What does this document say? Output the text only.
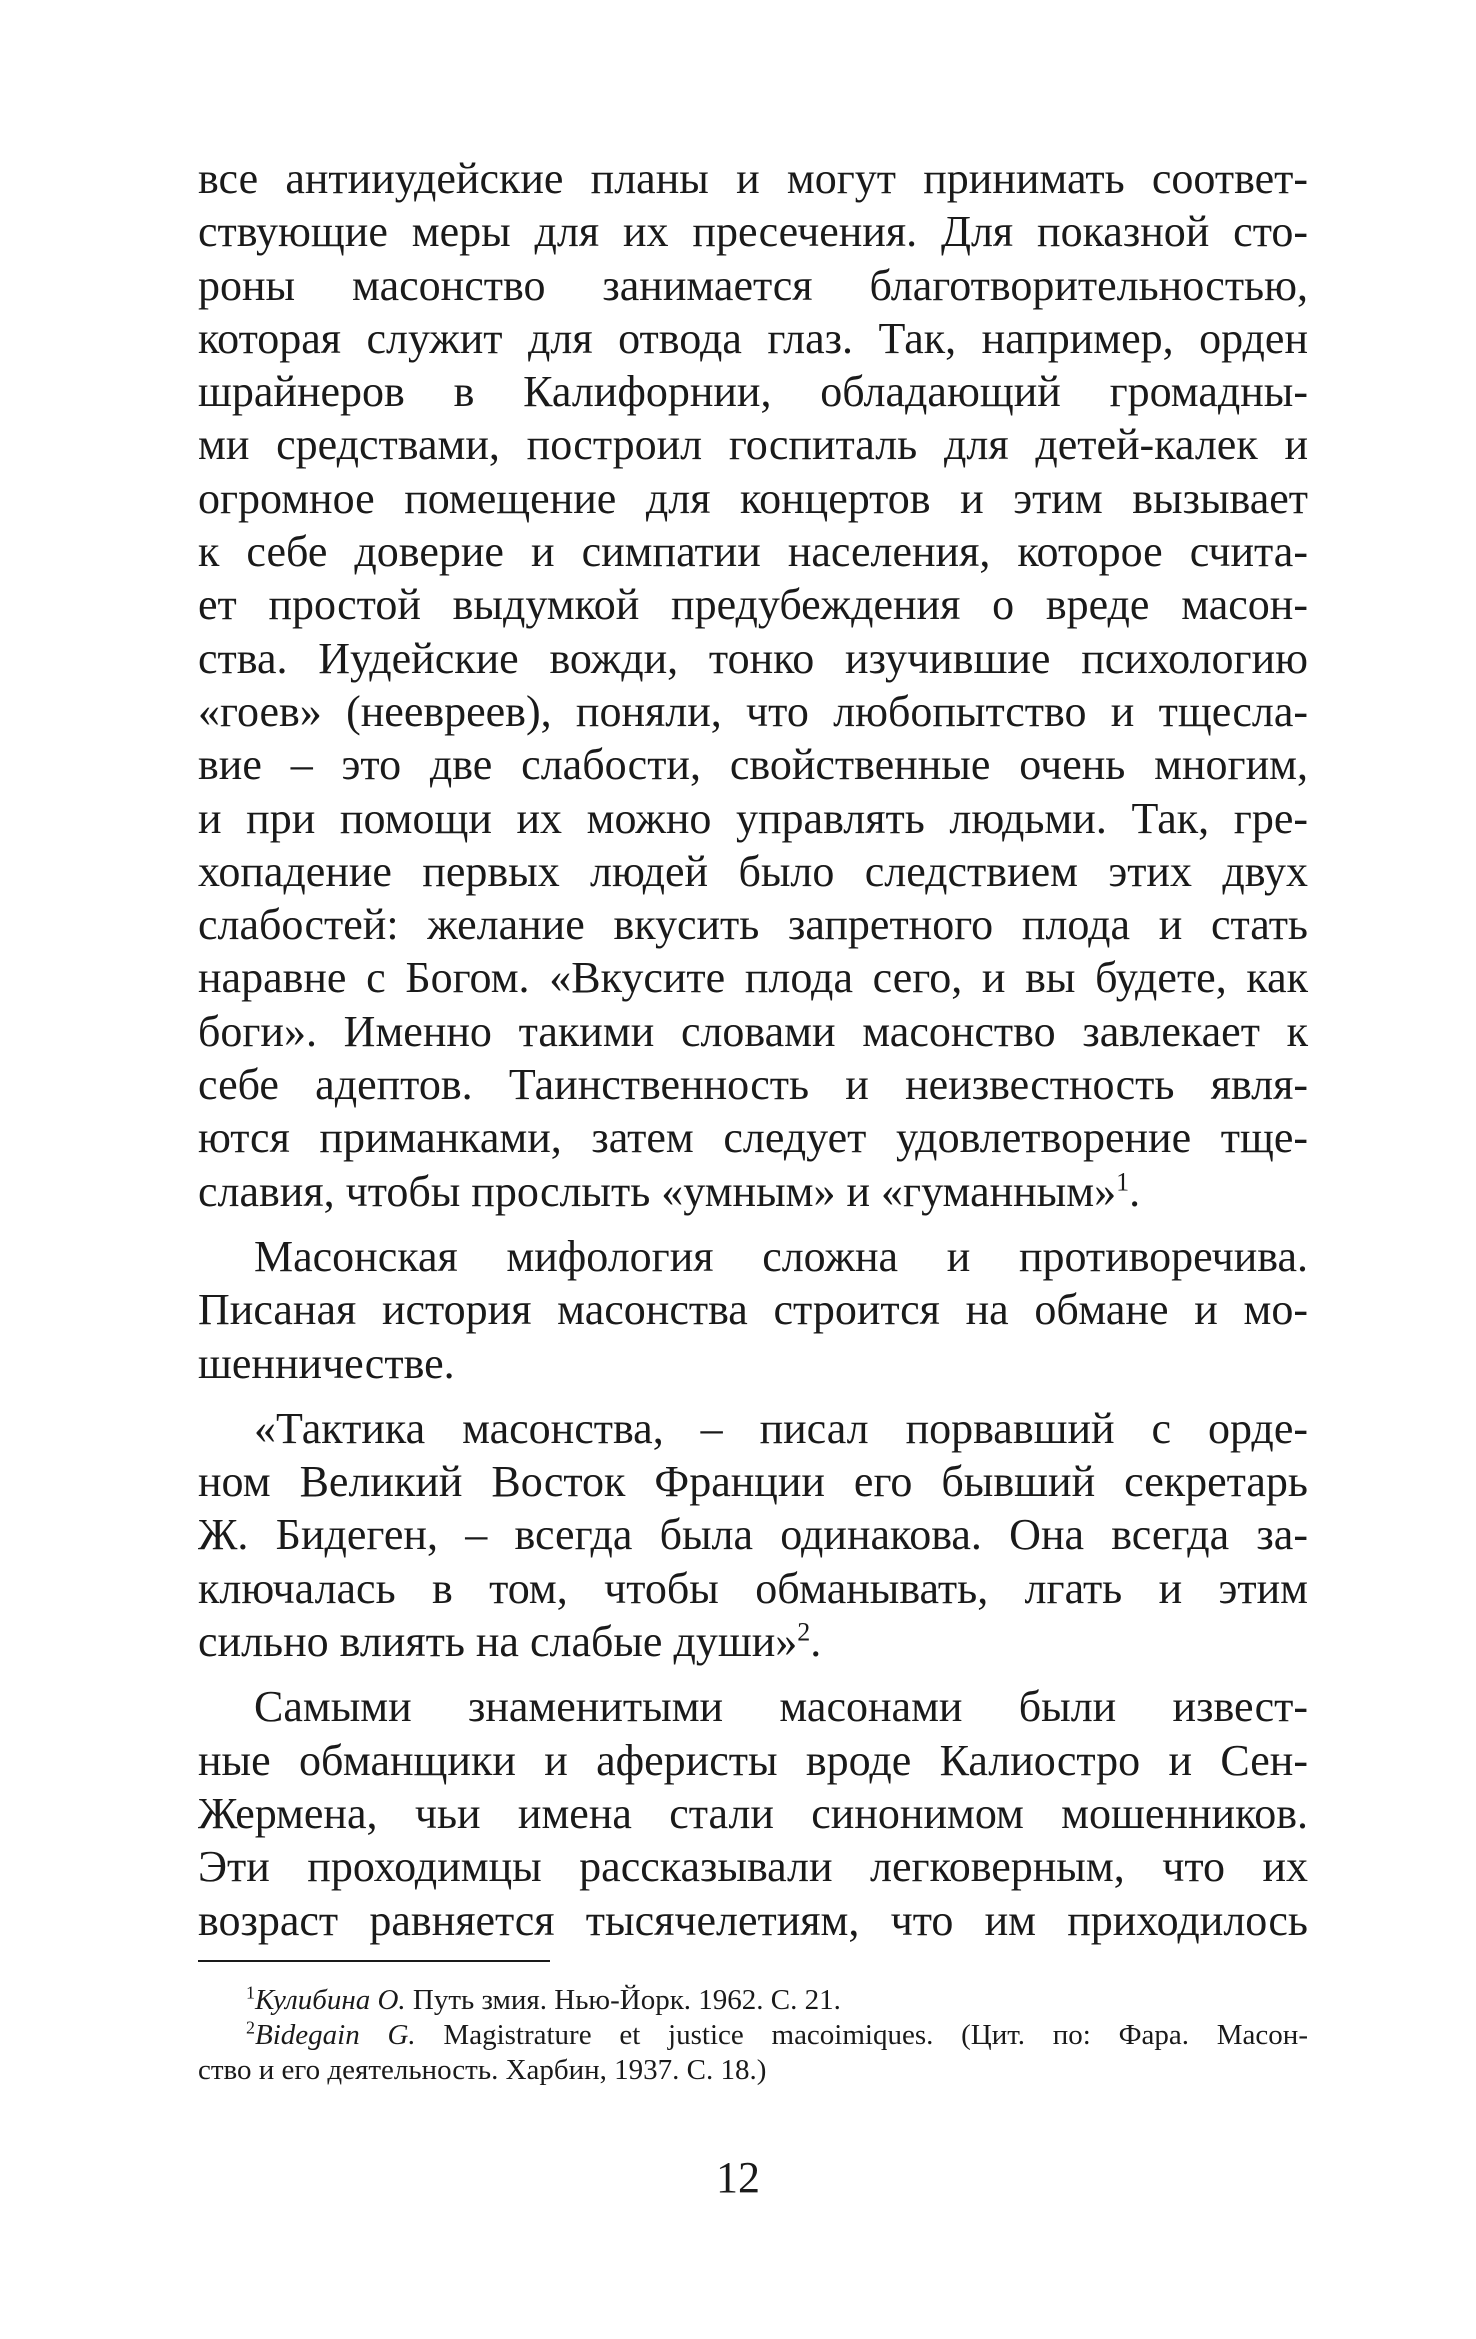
все антииудейские планы и могут принимать соответ-
ствующие меры для их пресечения. Для показной сто-
роны масонство занимается благотворительностью,
которая служит для отвода глаз. Так, например, орден
шрайнеров в Калифорнии, обладающий громадны-
ми средствами, построил госпиталь для детей-калек и
огромное помещение для концертов и этим вызывает
к себе доверие и симпатии населения, которое счита-
ет простой выдумкой предубеждения о вреде масон-
ства. Иудейские вожди, тонко изучившие психологию
«гоев» (неевреев), поняли, что любопытство и тщесла-
вие – это две слабости, свойственные очень многим,
и при помощи их можно управлять людьми. Так, гре-
хопадение первых людей было следствием этих двух
слабостей: желание вкусить запретного плода и стать
наравне с Богом. «Вкусите плода сего, и вы будете, как
боги». Именно такими словами масонство завлекает к
себе адептов. Таинственность и неизвестность явля-
ются приманками, затем следует удовлетворение тще-
славия, чтобы прослыть «умным» и «гуманным»$^1$.

Масонская мифология сложна и противоречива.
Писаная история масонства строится на обмане и мо-
шенничестве.

«Тактика масонства, – писал порвавший с орде-
ном Великий Восток Франции его бывший секретарь
Ж. Бидеген, – всегда была одинакова. Она всегда за-
ключалась в том, чтобы обманывать, лгать и этим
сильно влиять на слабые души»$^2$.

Самыми знаменитыми масонами были извест-
ные обманщики и аферисты вроде Калиостро и Сен-
Жермена, чьи имена стали синонимом мошенников.
Эти проходимцы рассказывали легковерным, что их
возраст равняется тысячелетиям, что им приходилось

$^1$Кулибина О. Путь змия. Нью-Йорк. 1962. С. 21.
$^2$Bidegain G. Magistrature et justice macoimiques. (Цит. по: Фара. Масон-
ство и его деятельность. Харбин, 1937. С. 18.)
12
